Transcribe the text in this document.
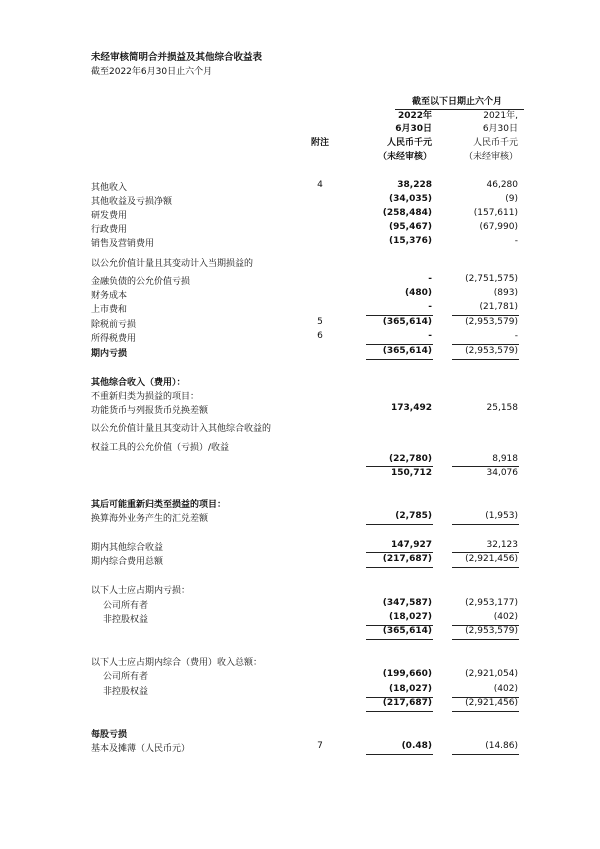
未经审核简明合并损益及其他综合收益表
截至2022年6月30日止六个月
截至以下日期止六个月
2022年
6月30日
人民币千元
（未经审核）
2021年,
6月30日
人民币千元
（未经审核）
附注
其他收入	4	38,228	46,280
其他收益及亏损净额	(34,035)	(9)
研发费用	(258,484)	(157,611)
行政费用	(95,467)	(67,990)
销售及营销费用	(15,376)	-
以公允价值计量且其变动计入当期损益的
金融负债的公允价值亏损	-	(2,751,575)
财务成本	(480)	(893)
上市费和	-	(21,781)
除税前亏损	5	(365,614)	(2,953,579)
所得税费用	6	-	-
期内亏损	(365,614)	(2,953,579)
其他综合收入（费用）：
不重新归类为损益的项目：
功能货币与列报货币兑换差额	173,492	25,158
以公允价值计量且其变动计入其他综合收益的
权益工具的公允价值（亏损）/收益
(22,780)	8,918
150,712	34,076
其后可能重新归类至损益的项目：
换算海外业务产生的汇兑差额	(2,785)	(1,953)
期内其他综合收益	147,927	32,123
期内综合费用总额	(217,687)	(2,921,456)
以下人士应占期内亏损：
公司所有者	(347,587)	(2,953,177)
非控股权益	(18,027)	(402)
(365,614)	(2,953,579)
以下人士应占期内综合（费用）收入总额：
公司所有者	(199,660)	(2,921,054)
非控股权益	(18,027)	(402)
(217,687)	(2,921,456)
每股亏损
基本及摊薄（人民币元）	7	(0.48)	(14.86)
